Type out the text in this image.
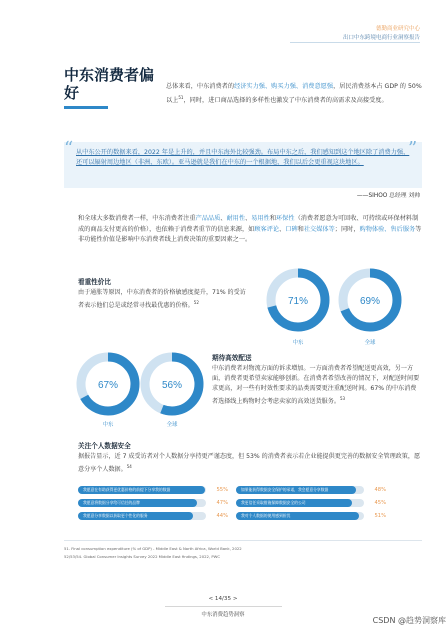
德勤商业研究中心
出口中东跨境电商行业洞察报告
中东消费者偏好	总体来看，中东消费者的经济实力强、购买力强、消费意愿强，居民消费基本占 GDP 的 50% 以上$^{51}$，同时，进口商品选择的多样性也激发了中东消费者的高需求及高接受度。
“	”
从中东公开的数据来看，2022 年是上升的，并且中东海外比较强劲。布局中东之后，我们感知到这个地区除了消费力强，还可以辐射周边地区（非洲、东欧）。亚马逊就是我们在中东的一个根据地，我们以后会更重视这块地区。
——SIHOO 总经理 刘帅
和全球大多数消费者一样，中东消费者注重产品品质、耐用性、易用性和环保性（消费者愿意为可回收、可持续或环保材料制成的商品支付更高的价格），也依赖于消费者重节的信息来源，如顾客评论、口碑和社交媒体等；同时，购物体验、售后服务等非功能性价值是影响中东消费者线上消费决策的重要因素之一。
看重性价比
由于通胀等原因，中东消费者的价格敏感度提升，71% 的受访者表示他们总是或经常寻找最优惠的价格。$^{52}$	71%	69%
中东	全球
67%	56%
中东	全球
期待高效配送
中东消费者对物流方面的诉求增加。一方面消费者希望配送更高效，另一方面，消费者更希望卖家能够创新。在消费者希望改善的情况下，对配送时间要求更高，对一些有时效性要求的品类需要更注重配送时间。67% 的中东消费者选择线上购物时会考虑卖家的高效送货服务。$^{53}$
关注个人数据安全
据报告显示，近 7 成受访者对个人数据分享持更严谨态度，但 53% 的消费者表示若企业能提供更完善的数据安全管理政策，愿意分享个人数据。$^{54}$
我愿意在有助获得更优惠价格的前提下分享我的数据	55%
我愿意将数据分享给可信任的品牌	47%
我愿意分享数据以获取更个性化的服务	44%
如果能获得数据安全保护的承诺，我会愿意分享数据	48%
我更信任采取措施保障数据安全的公司	45%
我对个人数据的使用感到担忧	51%
51. Final consumption expenditure (% of GDP) - Middle East & North Africa, World Bank, 2022
52/53/54. Global Consumer Insights Survey 2022 Middle East findings, 2022, PWC
< 14/35 >
中东消费趋势洞察
CSDN @趋势洞察库
